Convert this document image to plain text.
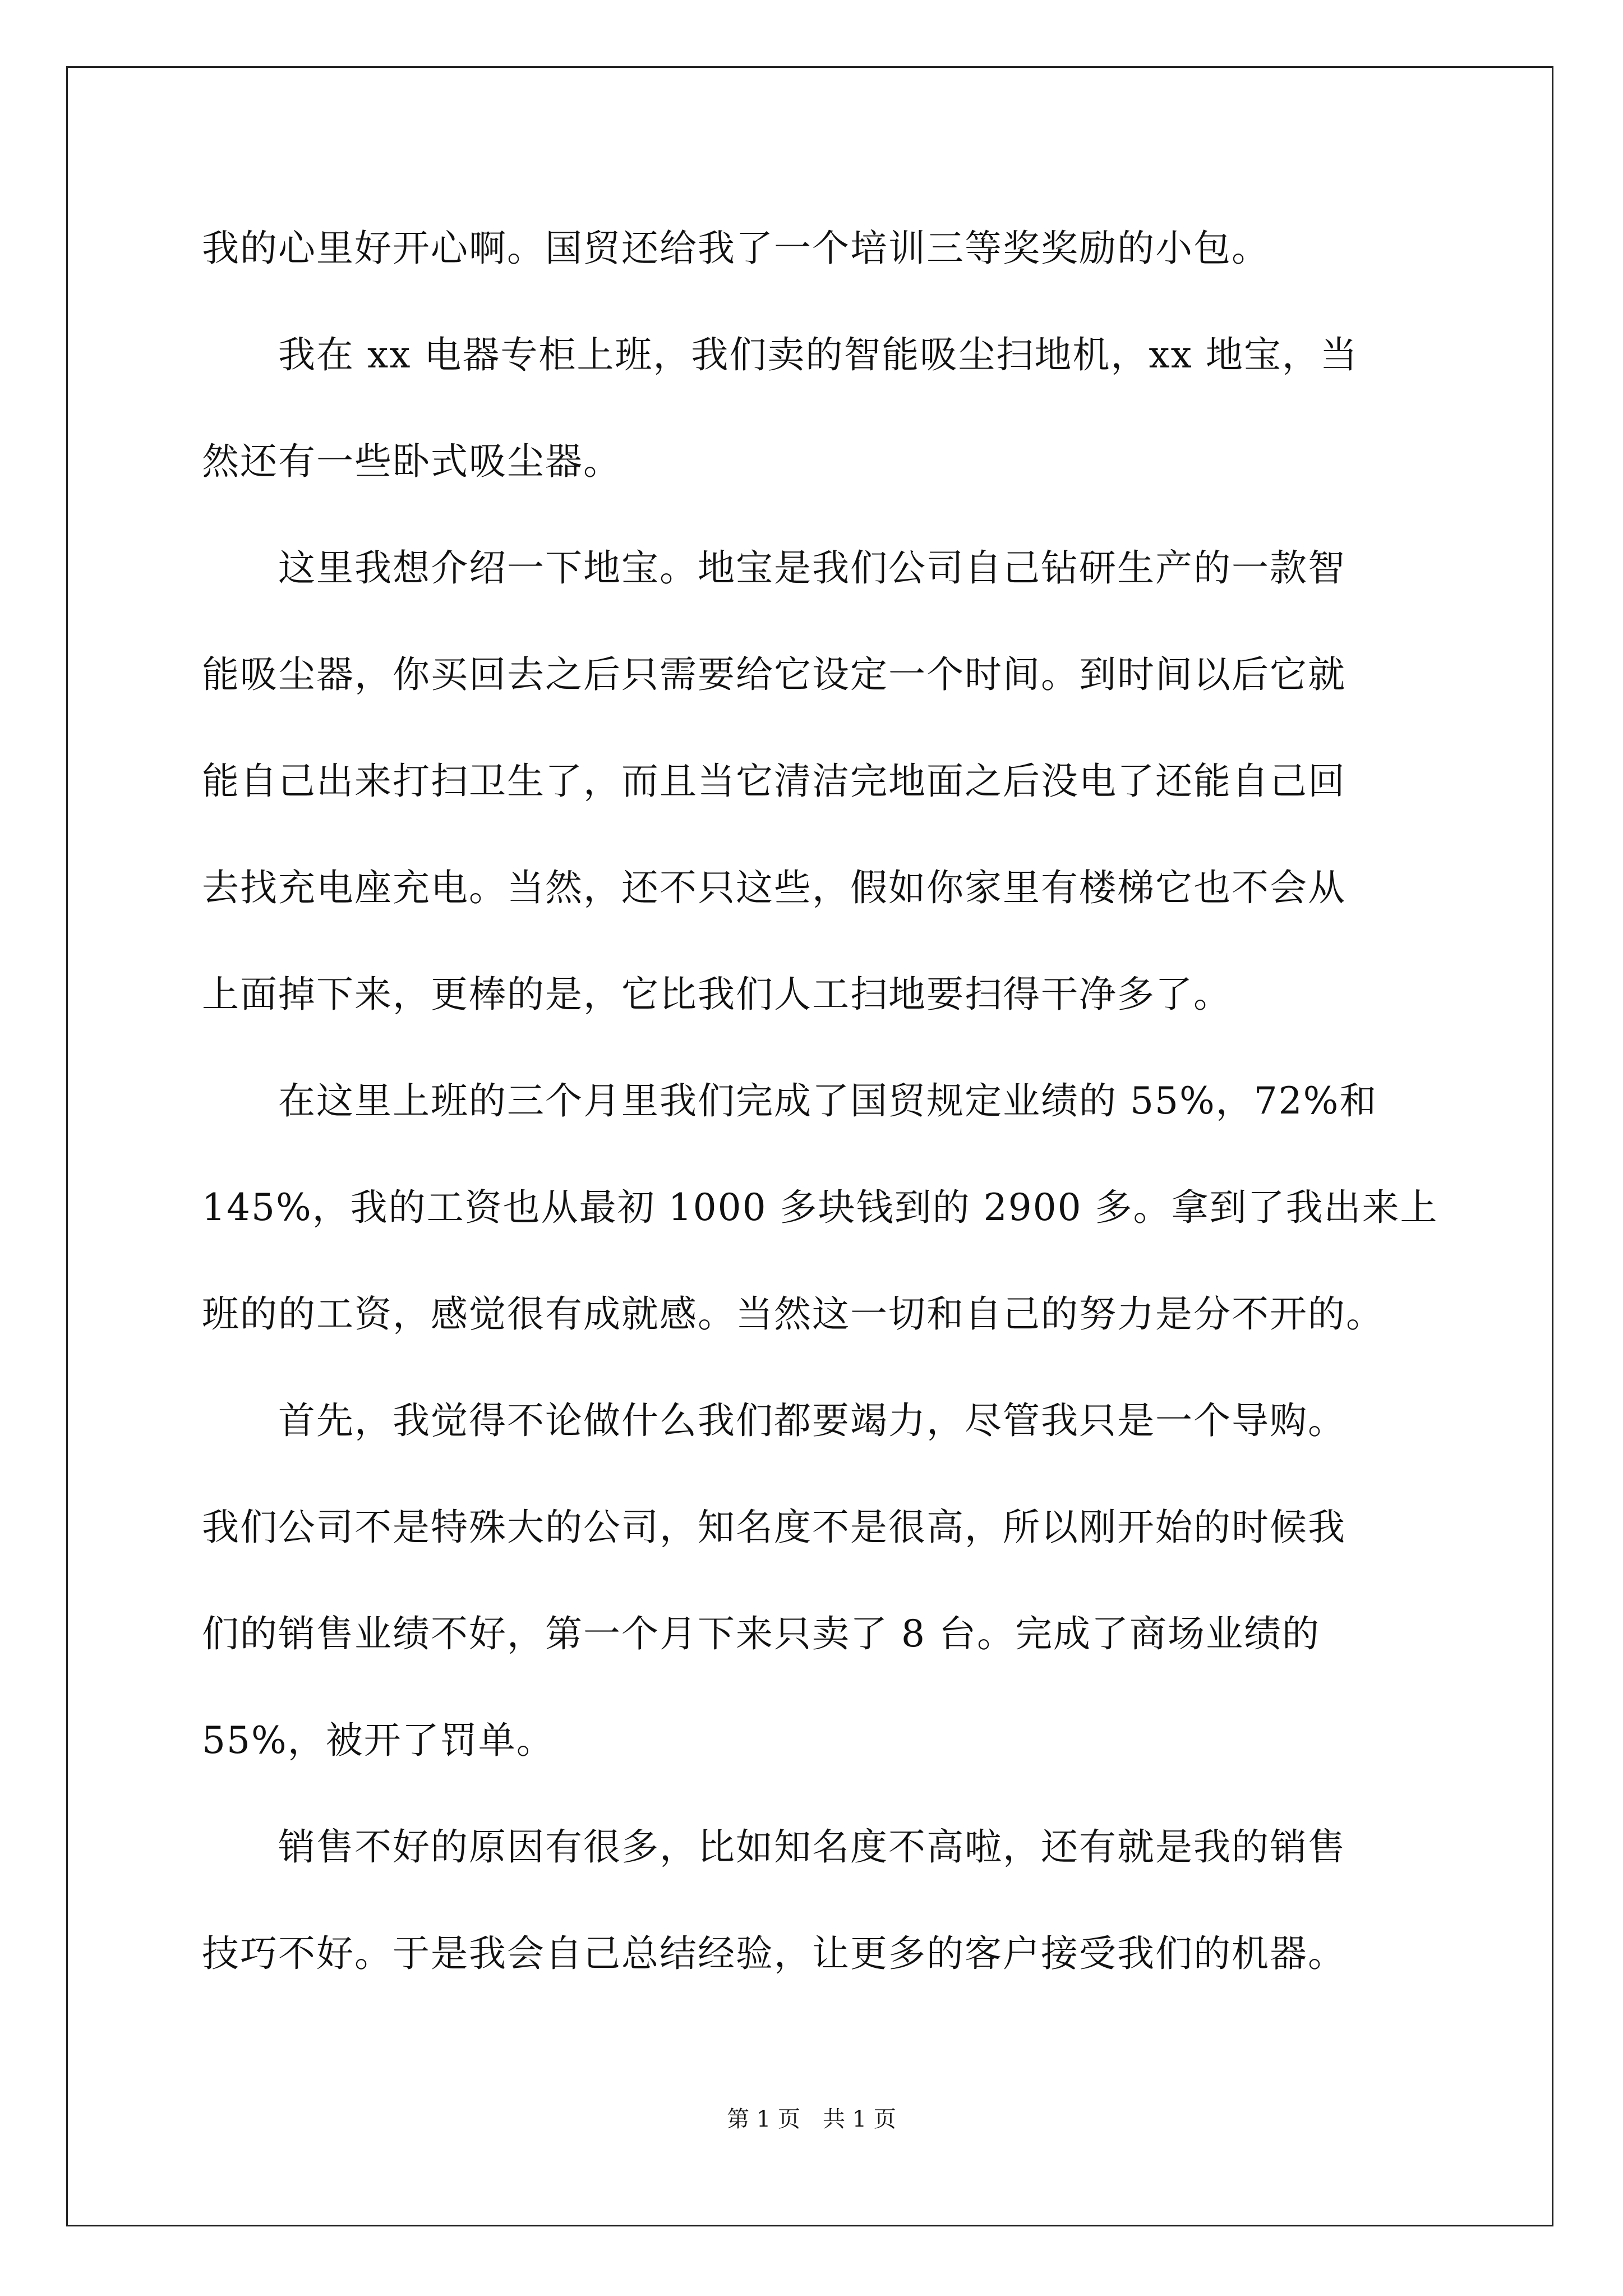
我的心里好开心啊。国贸还给我了一个培训三等奖奖励的小包。
　　我在 xx 电器专柜上班，我们卖的智能吸尘扫地机，xx 地宝，当
然还有一些卧式吸尘器。
　　这里我想介绍一下地宝。地宝是我们公司自己钻研生产的一款智
能吸尘器，你买回去之后只需要给它设定一个时间。到时间以后它就
能自己出来打扫卫生了，而且当它清洁完地面之后没电了还能自己回
去找充电座充电。当然，还不只这些，假如你家里有楼梯它也不会从
上面掉下来，更棒的是，它比我们人工扫地要扫得干净多了。
　　在这里上班的三个月里我们完成了国贸规定业绩的 55%，72%和
145%，我的工资也从最初 1000 多块钱到的 2900 多。拿到了我出来上
班的的工资，感觉很有成就感。当然这一切和自己的努力是分不开的。
　　首先，我觉得不论做什么我们都要竭力，尽管我只是一个导购。
我们公司不是特殊大的公司，知名度不是很高，所以刚开始的时候我
们的销售业绩不好，第一个月下来只卖了 8 台。完成了商场业绩的
55%，被开了罚单。
　　销售不好的原因有很多，比如知名度不高啦，还有就是我的销售
技巧不好。于是我会自己总结经验，让更多的客户接受我们的机器。
第 1 页　共 1 页
